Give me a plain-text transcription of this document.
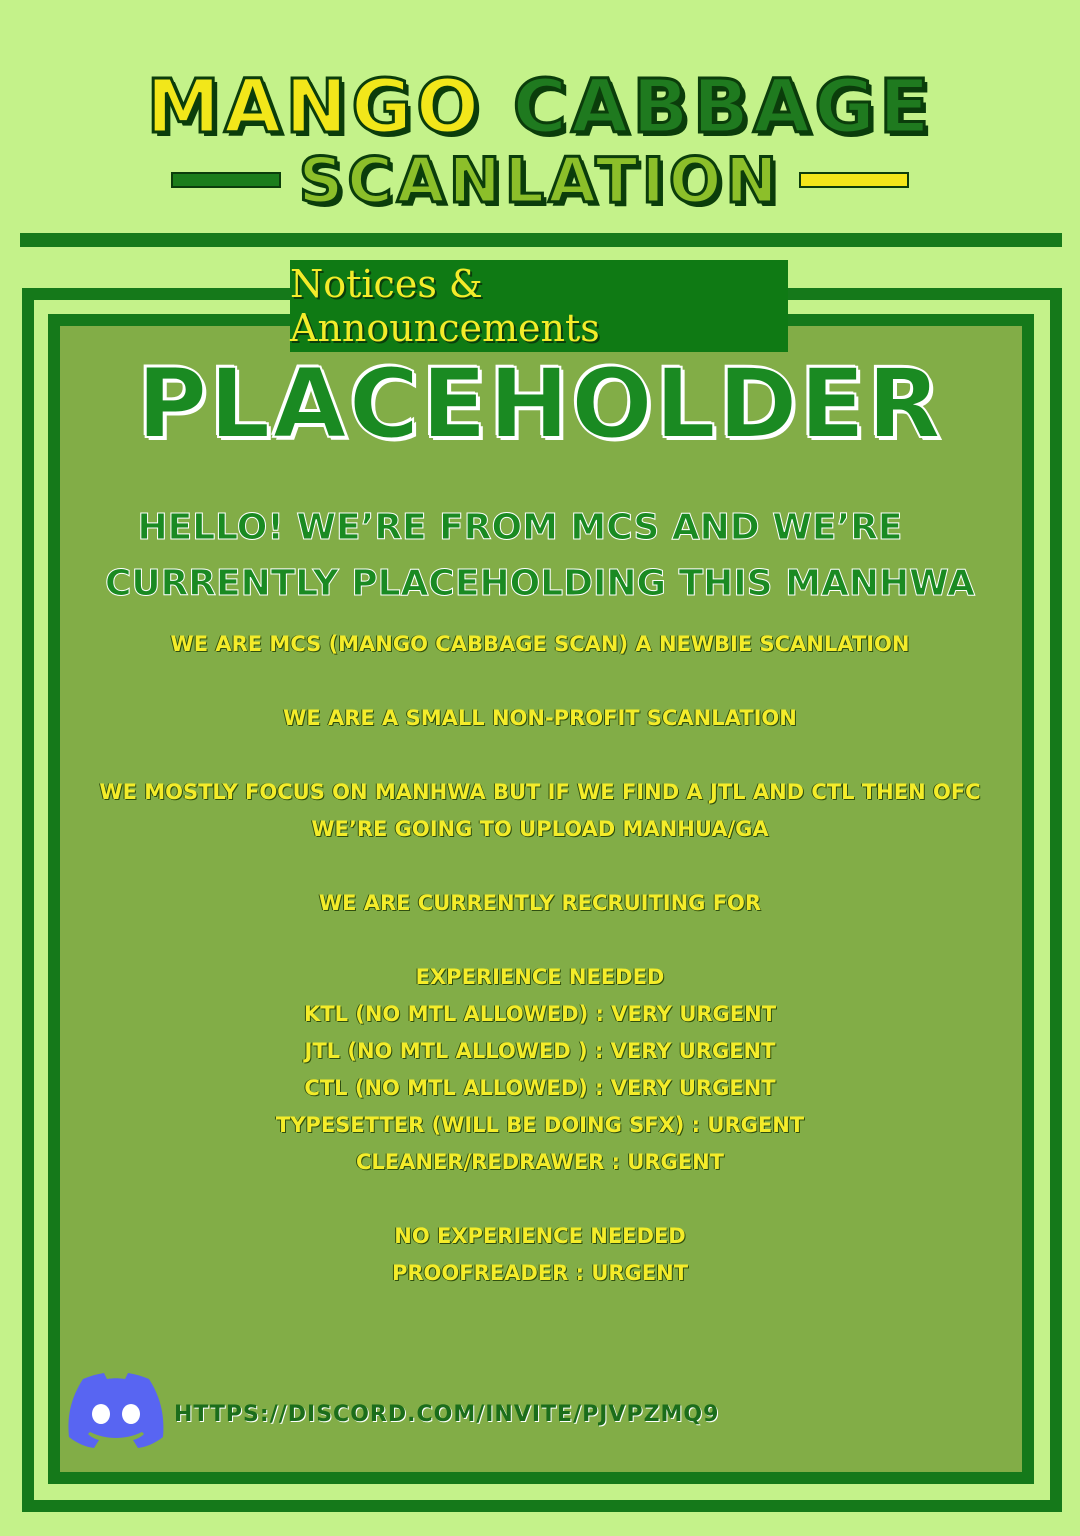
MANGO CABBAGE
SCANLATION
Notices & Announcements
PLACEHOLDER
HELLO! WE’RE FROM MCS AND WE’RE
CURRENTLY PLACEHOLDING THIS MANHWA
WE ARE MCS (MANGO CABBAGE SCAN) A NEWBIE SCANLATION
WE ARE A SMALL NON-PROFIT SCANLATION
WE MOSTLY FOCUS ON MANHWA BUT IF WE FIND A JTL AND CTL THEN OFC
WE’RE GOING TO UPLOAD MANHUA/GA
WE ARE CURRENTLY RECRUITING FOR
EXPERIENCE NEEDED
KTL (NO MTL ALLOWED) : VERY URGENT
JTL (NO MTL ALLOWED ) : VERY URGENT
CTL (NO MTL ALLOWED) : VERY URGENT
TYPESETTER (WILL BE DOING SFX) : URGENT
CLEANER/REDRAWER : URGENT
NO EXPERIENCE NEEDED
PROOFREADER : URGENT
HTTPS://DISCORD.COM/INVITE/PJVPZMQ9
